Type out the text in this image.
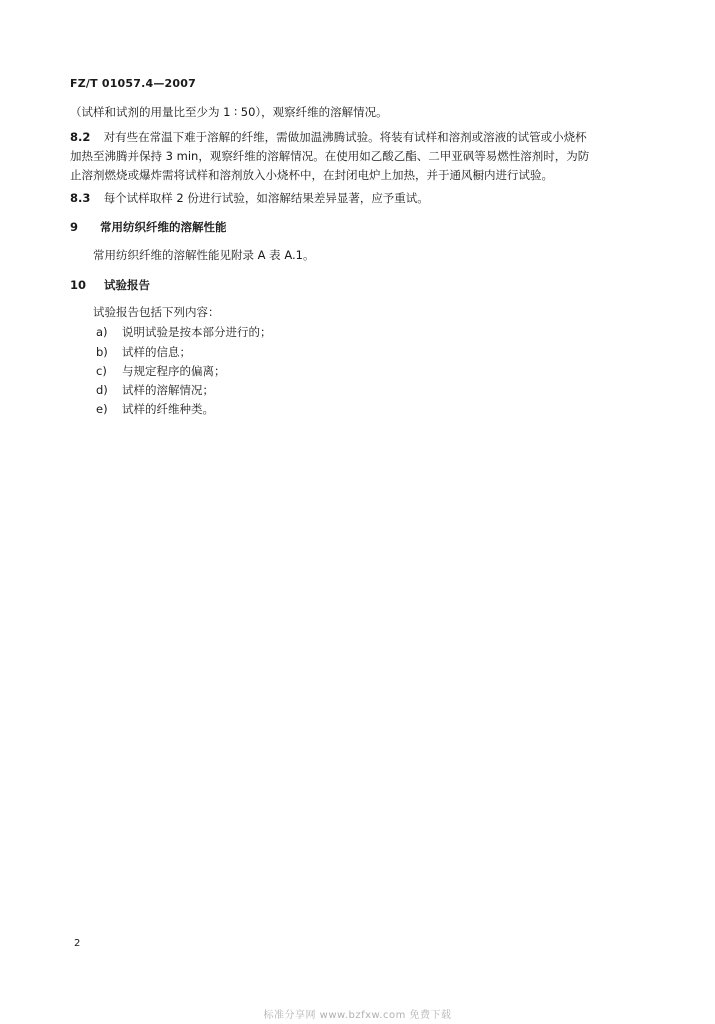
FZ/T 01057.4—2007
（试样和试剂的用量比至少为 1 ∶ 50），观察纤维的溶解情况。
8.2 对有些在常温下难于溶解的纤维，需做加温沸腾试验。将装有试样和溶剂或溶液的试管或小烧杯
加热至沸腾并保持 3 min，观察纤维的溶解情况。在使用如乙酸乙酯、二甲亚砜等易燃性溶剂时，为防
止溶剂燃烧或爆炸需将试样和溶剂放入小烧杯中，在封闭电炉上加热，并于通风橱内进行试验。
8.3 每个试样取样 2 份进行试验，如溶解结果差异显著，应予重试。
9 常用纺织纤维的溶解性能
常用纺织纤维的溶解性能见附录 A 表 A.1。
10 试验报告
试验报告包括下列内容：
a) 说明试验是按本部分进行的；
b) 试样的信息；
c) 与规定程序的偏离；
d) 试样的溶解情况；
e) 试样的纤维种类。
2
标准分享网 www.bzfxw.com 免费下载
